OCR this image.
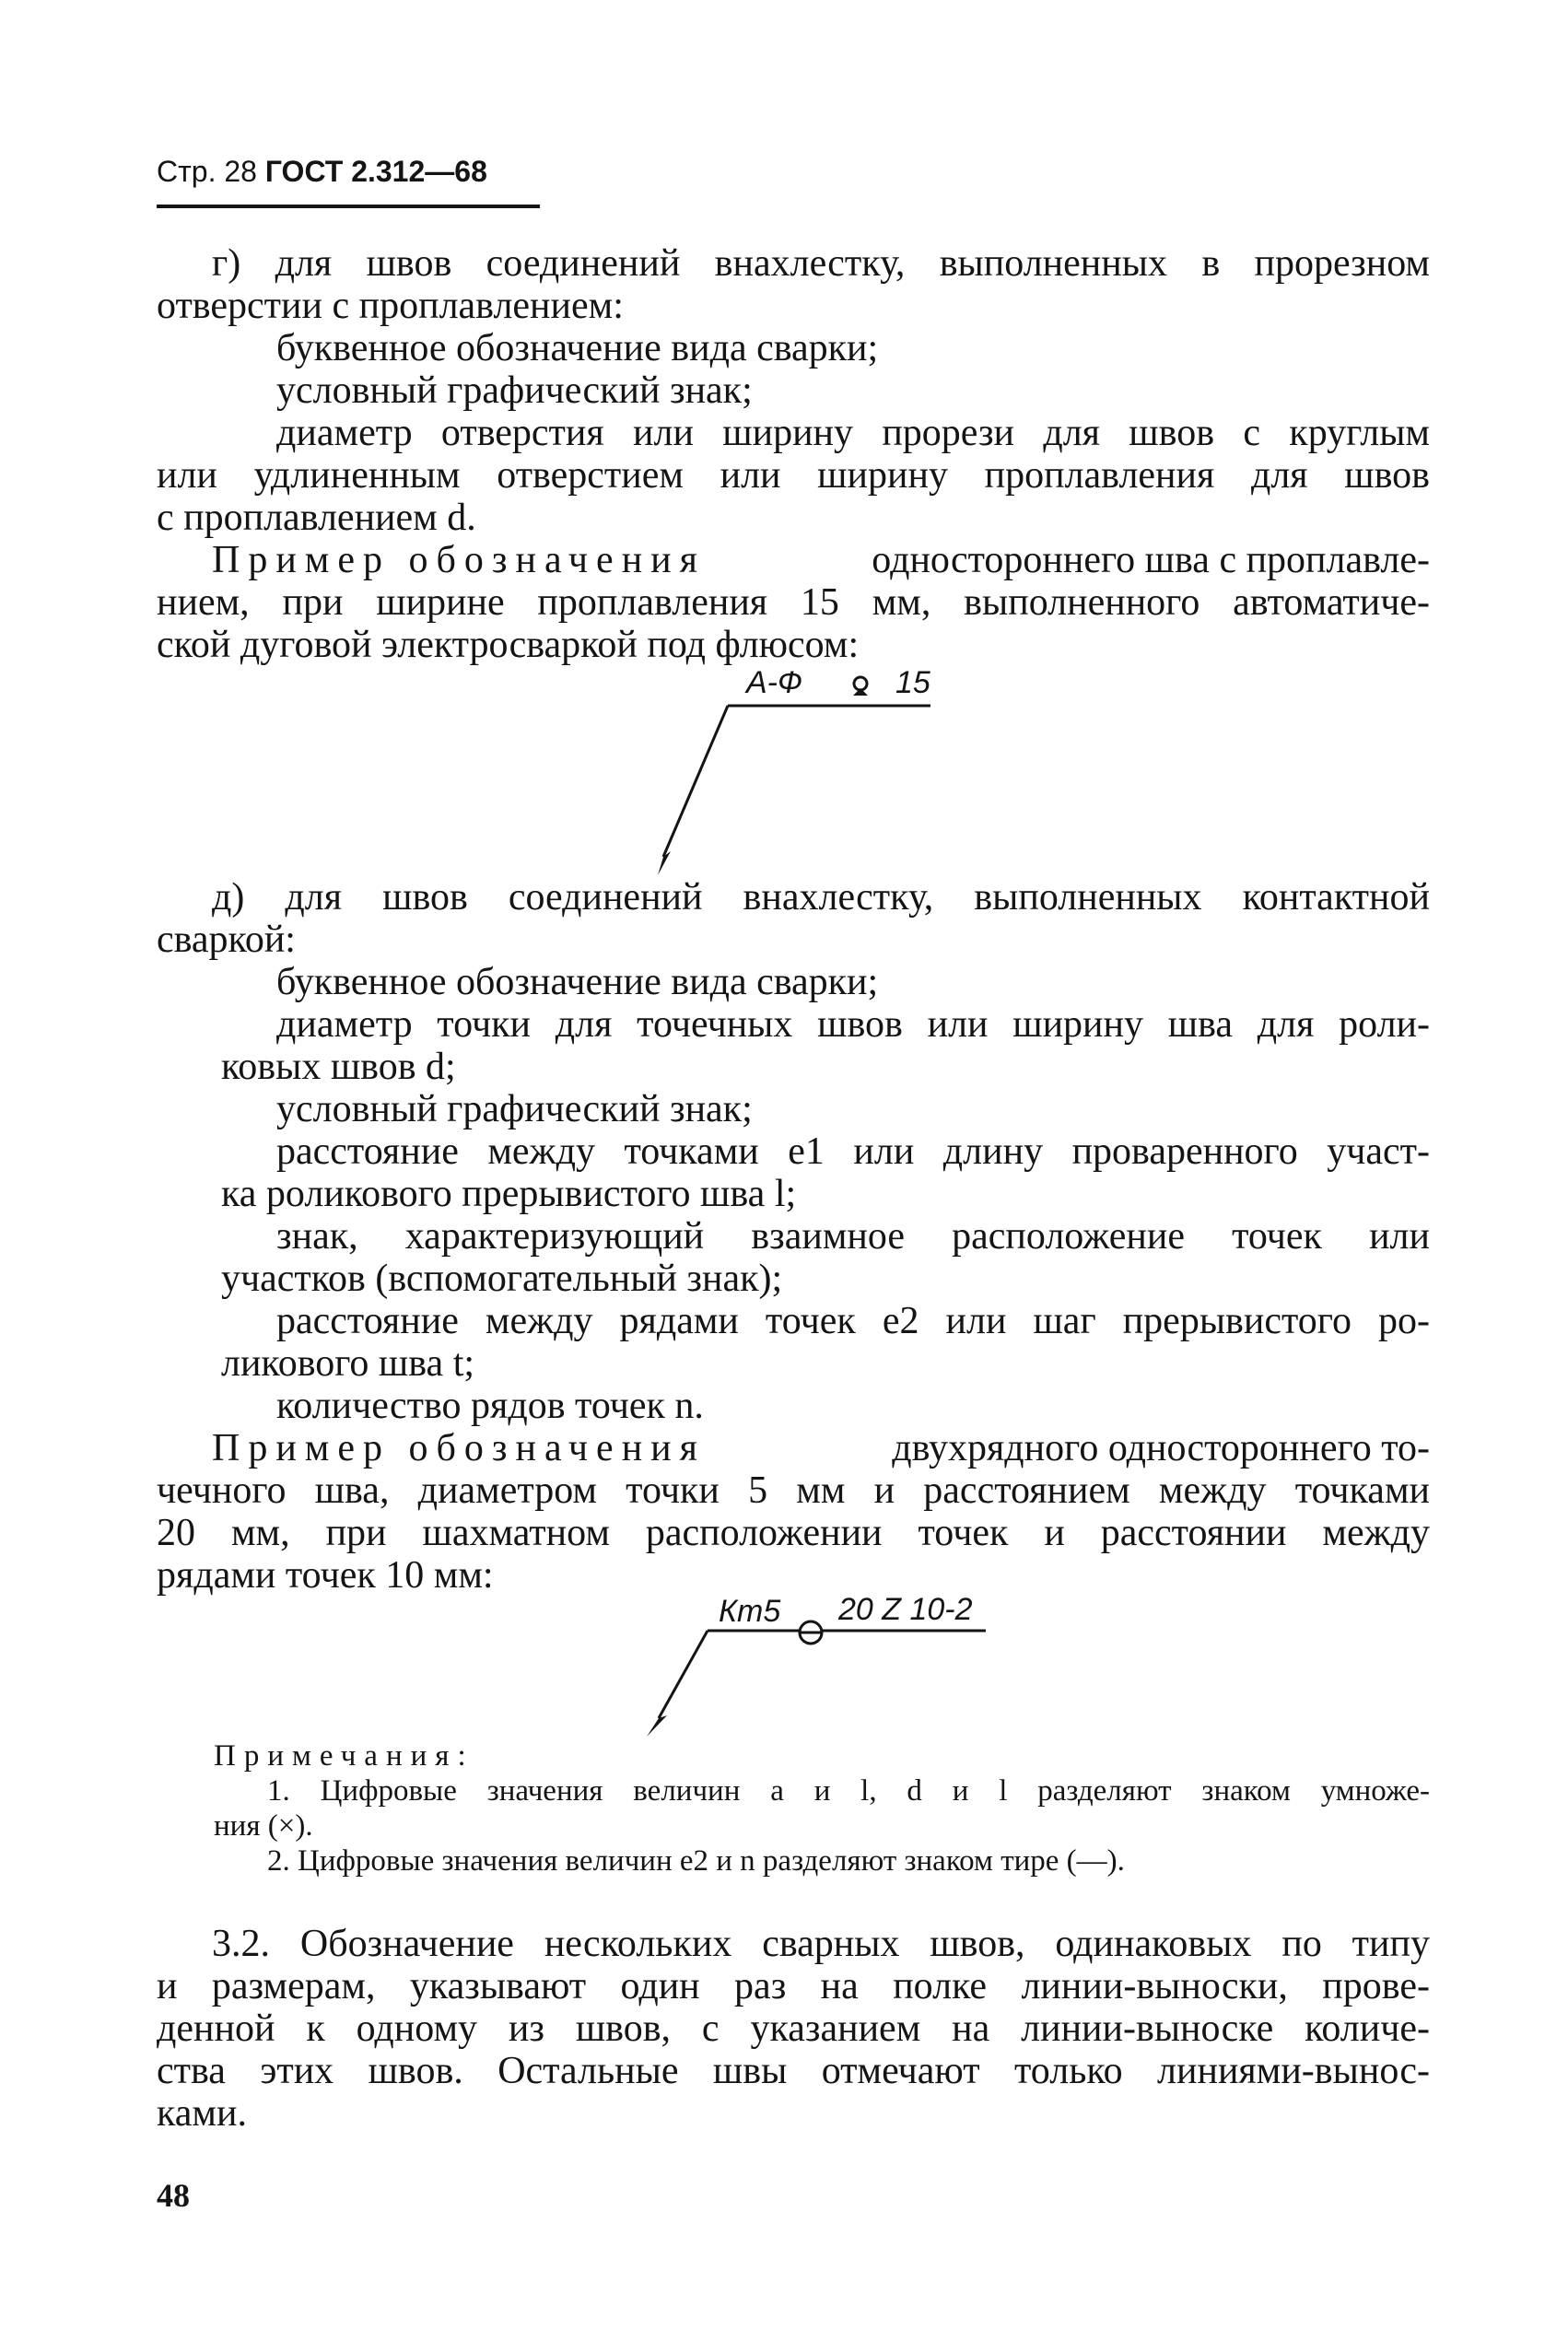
Стр. 28 ГОСТ 2.312—68
г) для швов соединений внахлестку, выполненных в прорезном
отверстии с проплавлением:
буквенное обозначение вида сварки;
условный графический знак;
диаметр отверстия или ширину прорези для швов с круглым
или удлиненным отверстием или ширину проплавления для швов
с проплавлением d.
Пример обозначения	одностороннего шва с проплавле-
нием, при ширине проплавления 15 мм, выполненного автоматиче-
ской дуговой электросваркой под флюсом:
А-Ф	15
д) для швов соединений внахлестку, выполненных контактной
сваркой:
буквенное обозначение вида сварки;
диаметр точки для точечных швов или ширину шва для роли-
ковых швов d;
условный графический знак;
расстояние между точками e1 или длину проваренного участ-
ка роликового прерывистого шва l;
знак, характеризующий взаимное расположение точек или
участков (вспомогательный знак);
расстояние между рядами точек e2 или шаг прерывистого ро-
ликового шва t;
количество рядов точек n.
Пример обозначения	двухрядного одностороннего то-
чечного шва, диаметром точки 5 мм и расстоянием между точками
20 мм, при шахматном расположении точек и расстоянии между
рядами точек 10 мм:
Кт5 20 Z 10-2
Примечания:
1. Цифровые значения величин a и l, d и l разделяют знаком умноже-
ния (×).
2. Цифровые значения величин e2 и n разделяют знаком тире (—).
3.2. Обозначение нескольких сварных швов, одинаковых по типу
и размерам, указывают один раз на полке линии-выноски, прове-
денной к одному из швов, с указанием на линии-выноске количе-
ства этих швов. Остальные швы отмечают только линиями-вынос-
ками.
48
